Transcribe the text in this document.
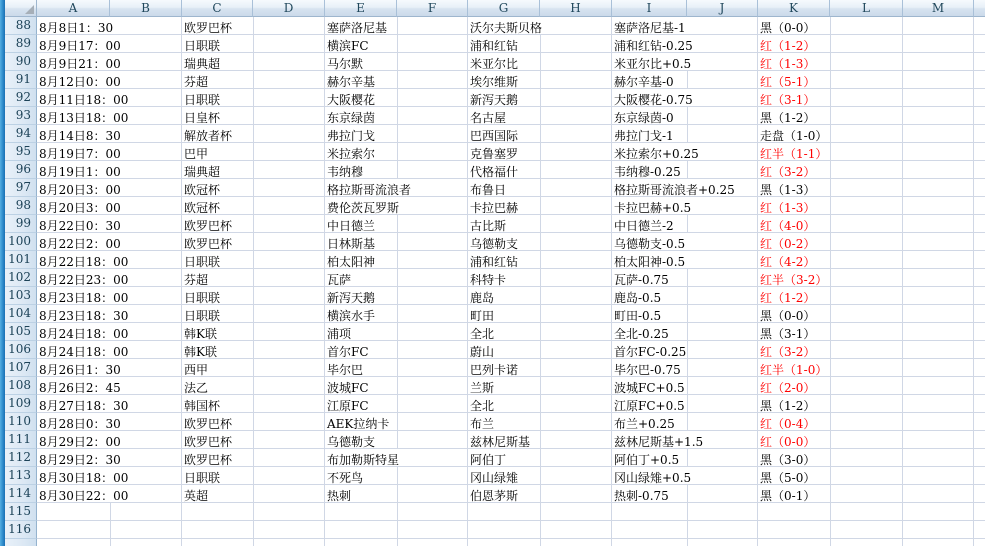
A	B	C	D	E	F	G	H	I	J	K	L	M
88 8月8日1：30	欧罗巴杯	塞萨洛尼基	沃尔夫斯贝格	塞萨洛尼基-1	黑（0-0）
89 8月9日17：00	日职联	横滨FC	浦和红钻	浦和红钻-0.25	红（1-2）
90 8月9日21：00	瑞典超	马尔默	米亚尔比	米亚尔比+0.5	红（1-3）
91 8月12日0：00	芬超	赫尔辛基	埃尔维斯	赫尔辛基-0	红（5-1）
92 8月11日18：00	日职联	大阪樱花	新泻天鹅	大阪樱花-0.75	红（3-1）
93 8月13日18：00	日皇杯	东京绿茵	名古屋	东京绿茵-0	黑（1-2）
94 8月14日8：30	解放者杯	弗拉门戈	巴西国际	弗拉门戈-1	走盘（1-0）
95 8月19日7：00	巴甲	米拉索尔	克鲁塞罗	米拉索尔+0.25	红半（1-1）
96 8月19日1：00	瑞典超	韦纳穆	代格福什	韦纳穆-0.25	红（3-2）
97 8月20日3：00	欧冠杯	格拉斯哥流浪者	布鲁日	格拉斯哥流浪者+0.25	黑（1-3）
98 8月20日3：00	欧冠杯	费伦茨瓦罗斯	卡拉巴赫	卡拉巴赫+0.5	红（1-3）
99 8月22日0：30	欧罗巴杯	中日德兰	古比斯	中日德兰-2	红（4-0）
100 8月22日2：00	欧罗巴杯	日林斯基	乌德勒支	乌德勒支-0.5	红（0-2）
101 8月22日18：00	日职联	柏太阳神	浦和红钻	柏太阳神-0.5	红（4-2）
102 8月22日23：00	芬超	瓦萨	科特卡	瓦萨-0.75	红半（3-2）
103 8月23日18：00	日职联	新泻天鹅	鹿岛	鹿岛-0.5	红（1-2）
104 8月23日18：30	日职联	横滨水手	町田	町田-0.5	黑（0-0）
105 8月24日18：00	韩K联	浦项	全北	全北-0.25	黑（3-1）
106 8月24日18：00	韩K联	首尔FC	蔚山	首尔FC-0.25	红（3-2）
107 8月26日1：30	西甲	毕尔巴	巴列卡诺	毕尔巴-0.75	红半（1-0）
108 8月26日2：45	法乙	波城FC	兰斯	波城FC+0.5	红（2-0）
109 8月27日18：30	韩国杯	江原FC	全北	江原FC+0.5	黑（1-2）
110 8月28日0：30	欧罗巴杯	AEK拉纳卡	布兰	布兰+0.25	红（0-4）
111 8月29日2：00	欧罗巴杯	乌德勒支	兹林尼斯基	兹林尼斯基+1.5	红（0-0）
112 8月29日2：30	欧罗巴杯	布加勒斯特星	阿伯丁	阿伯丁+0.5	黑（3-0）
113 8月30日18：00	日职联	不死鸟	冈山绿雉	冈山绿雉+0.5	黑（5-0）
114 8月30日22：00	英超	热刺	伯恩茅斯	热刺-0.75	黑（0-1）
115
116
